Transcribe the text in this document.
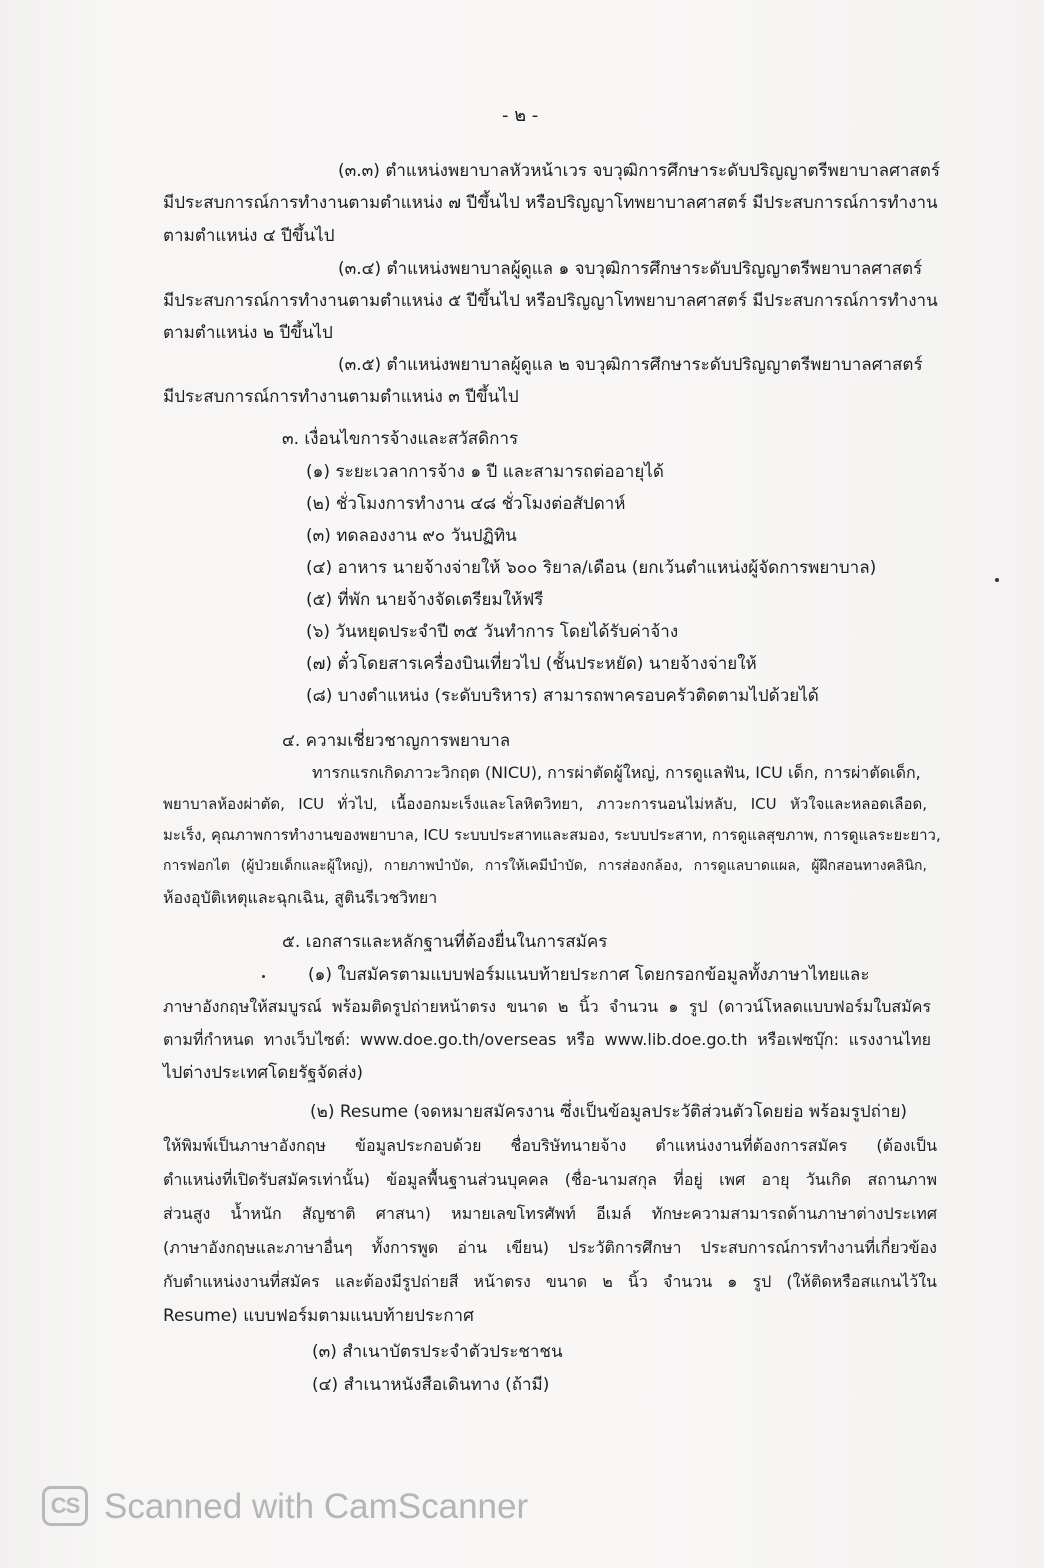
- ๒ -
(๓.๓) ตำแหน่งพยาบาลหัวหน้าเวร จบวุฒิการศึกษาระดับปริญญาตรีพยาบาลศาสตร์
มีประสบการณ์การทำงานตามตำแหน่ง ๗ ปีขึ้นไป หรือปริญญาโทพยาบาลศาสตร์ มีประสบการณ์การทำงาน
ตามตำแหน่ง ๔ ปีขึ้นไป
(๓.๔) ตำแหน่งพยาบาลผู้ดูแล ๑ จบวุฒิการศึกษาระดับปริญญาตรีพยาบาลศาสตร์
มีประสบการณ์การทำงานตามตำแหน่ง ๕ ปีขึ้นไป หรือปริญญาโทพยาบาลศาสตร์ มีประสบการณ์การทำงาน
ตามตำแหน่ง ๒ ปีขึ้นไป
(๓.๕) ตำแหน่งพยาบาลผู้ดูแล ๒ จบวุฒิการศึกษาระดับปริญญาตรีพยาบาลศาสตร์
มีประสบการณ์การทำงานตามตำแหน่ง ๓ ปีขึ้นไป
๓. เงื่อนไขการจ้างและสวัสดิการ
(๑) ระยะเวลาการจ้าง ๑ ปี และสามารถต่ออายุได้
(๒) ชั่วโมงการทำงาน ๔๘ ชั่วโมงต่อสัปดาห์
(๓) ทดลองงาน ๙๐ วันปฏิทิน
(๔) อาหาร นายจ้างจ่ายให้ ๖๐๐ ริยาล/เดือน (ยกเว้นตำแหน่งผู้จัดการพยาบาล)
(๕) ที่พัก นายจ้างจัดเตรียมให้ฟรี
(๖) วันหยุดประจำปี ๓๕ วันทำการ โดยได้รับค่าจ้าง
(๗) ตั๋วโดยสารเครื่องบินเที่ยวไป (ชั้นประหยัด) นายจ้างจ่ายให้
(๘) บางตำแหน่ง (ระดับบริหาร) สามารถพาครอบครัวติดตามไปด้วยได้
๔. ความเชี่ยวชาญการพยาบาล
ทารกแรกเกิดภาวะวิกฤต (NICU), การผ่าตัดผู้ใหญ่, การดูแลฟัน, ICU เด็ก, การผ่าตัดเด็ก,
พยาบาลห้องผ่าตัด, ICU ทั่วไป, เนื้องอกมะเร็งและโลหิตวิทยา, ภาวะการนอนไม่หลับ, ICU หัวใจและหลอดเลือด,
มะเร็ง, คุณภาพการทำงานของพยาบาล, ICU ระบบประสาทและสมอง, ระบบประสาท, การดูแลสุขภาพ, การดูแลระยะยาว,
การฟอกไต (ผู้ป่วยเด็กและผู้ใหญ่), กายภาพบำบัด, การให้เคมีบำบัด, การส่องกล้อง, การดูแลบาดแผล, ผู้ฝึกสอนทางคลินิก,
ห้องอุบัติเหตุและฉุกเฉิน, สูตินรีเวชวิทยา
๕. เอกสารและหลักฐานที่ต้องยื่นในการสมัคร
(๑) ใบสมัครตามแบบฟอร์มแนบท้ายประกาศ โดยกรอกข้อมูลทั้งภาษาไทยและ
ภาษาอังกฤษให้สมบูรณ์ พร้อมติดรูปถ่ายหน้าตรง ขนาด ๒ นิ้ว จำนวน ๑ รูป (ดาวน์โหลดแบบฟอร์มใบสมัคร
ตามที่กำหนด ทางเว็บไซต์: www.doe.go.th/overseas หรือ www.lib.doe.go.th หรือเฟซบุ๊ก: แรงงานไทย
ไปต่างประเทศโดยรัฐจัดส่ง)
(๒) Resume (จดหมายสมัครงาน ซึ่งเป็นข้อมูลประวัติส่วนตัวโดยย่อ พร้อมรูปถ่าย)
ให้พิมพ์เป็นภาษาอังกฤษ ข้อมูลประกอบด้วย ชื่อบริษัทนายจ้าง ตำแหน่งงานที่ต้องการสมัคร (ต้องเป็น
ตำแหน่งที่เปิดรับสมัครเท่านั้น) ข้อมูลพื้นฐานส่วนบุคคล (ชื่อ-นามสกุล ที่อยู่ เพศ อายุ วันเกิด สถานภาพ
ส่วนสูง น้ำหนัก สัญชาติ ศาสนา) หมายเลขโทรศัพท์ อีเมล์ ทักษะความสามารถด้านภาษาต่างประเทศ
(ภาษาอังกฤษและภาษาอื่นๆ ทั้งการพูด อ่าน เขียน) ประวัติการศึกษา ประสบการณ์การทำงานที่เกี่ยวข้อง
กับตำแหน่งงานที่สมัคร และต้องมีรูปถ่ายสี หน้าตรง ขนาด ๒ นิ้ว จำนวน ๑ รูป (ให้ติดหรือสแกนไว้ใน
Resume) แบบฟอร์มตามแนบท้ายประกาศ
(๓) สำเนาบัตรประจำตัวประชาชน
(๔) สำเนาหนังสือเดินทาง (ถ้ามี)
CS Scanned with CamScanner
